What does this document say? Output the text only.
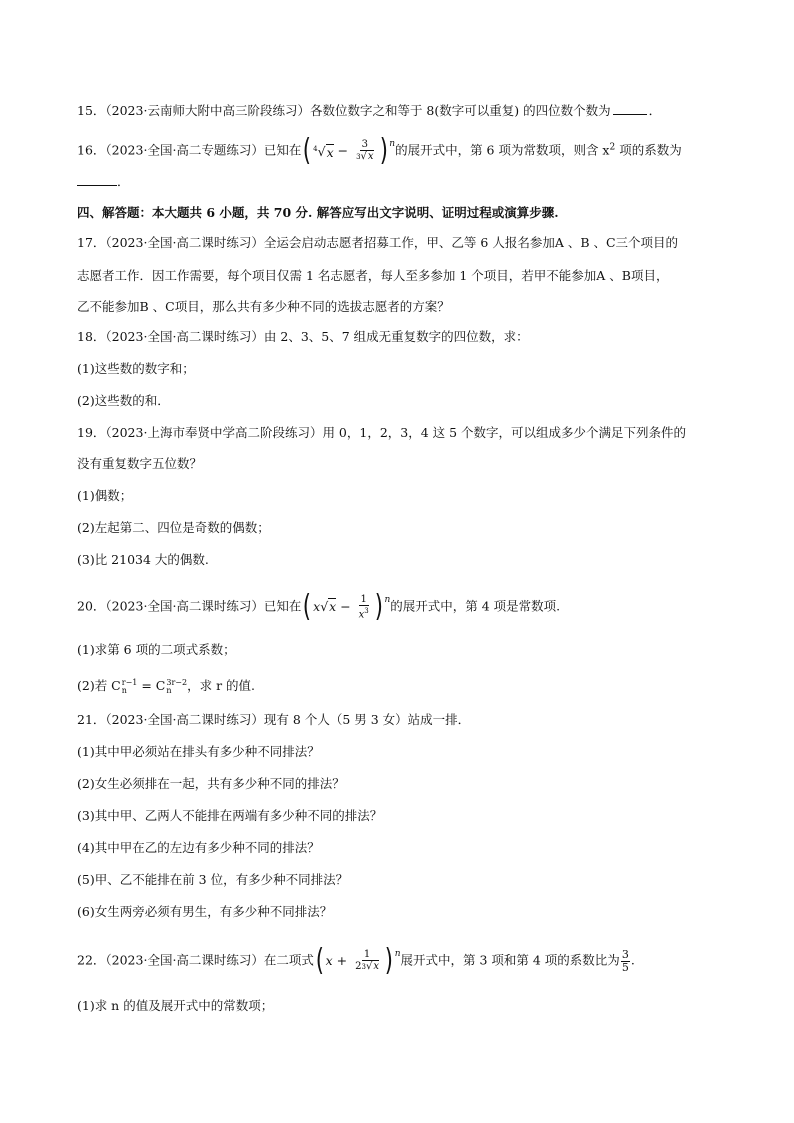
15．（2023·云南师大附中高三阶段练习）各数位数字之和等于 8(数字可以重复) 的四位数个数为	．
16．（2023·全国·高二专题练习）已知在 ( $^4√x - \frac{3}{3√x}$ ) n 的展开式中，第 6 项为常数项，则含 $x^2$ 项的系数为
．
四、解答题：本大题共 6 小题，共 70 分. 解答应写出文字说明、证明过程或演算步骤.
17．（2023·全国·高二课时练习）全运会启动志愿者招募工作，甲、乙等 6 人报名参加A 、B 、C三个项目的
志愿者工作．因工作需要，每个项目仅需 1 名志愿者，每人至多参加 1 个项目，若甲不能参加A 、B项目，
乙不能参加B 、C项目，那么共有多少种不同的选拔志愿者的方案？
18．（2023·全国·高二课时练习）由 2、3、5、7 组成无重复数字的四位数，求：
(1)这些数的数字和；
(2)这些数的和．
19．（2023·上海市奉贤中学高二阶段练习）用 0，1，2，3，4 这 5 个数字，可以组成多少个满足下列条件的
没有重复数字五位数？
(1)偶数；
(2)左起第二、四位是奇数的偶数；
(3)比 21034 大的偶数.
20．（2023·全国·高二课时练习）已知在 ( x $√x - \frac{1}{x^3}$ ) n 的展开式中，第 4 项是常数项.
(1)求第 6 项的二项式系数；
(2)若 C r−1
n = C 3r−2
n	，求 r 的值.
21．（2023·全国·高二课时练习）现有 8 个人（5 男 3 女）站成一排．
(1)其中甲必须站在排头有多少种不同排法？
(2)女生必须排在一起，共有多少种不同的排法？
(3)其中甲、乙两人不能排在两端有多少种不同的排法？
(4)其中甲在乙的左边有多少种不同的排法？
(5)甲、乙不能排在前 3 位，有多少种不同排法？
(6)女生两旁必须有男生，有多少种不同排法？
22．（2023·全国·高二课时练习）在二项式 ( $x + \frac{1}{23√x}$ ) n 展开式中，第 3 项和第 4 项的系数比为 $\frac{3}{5}$ .
(1)求 n 的值及展开式中的常数项；
